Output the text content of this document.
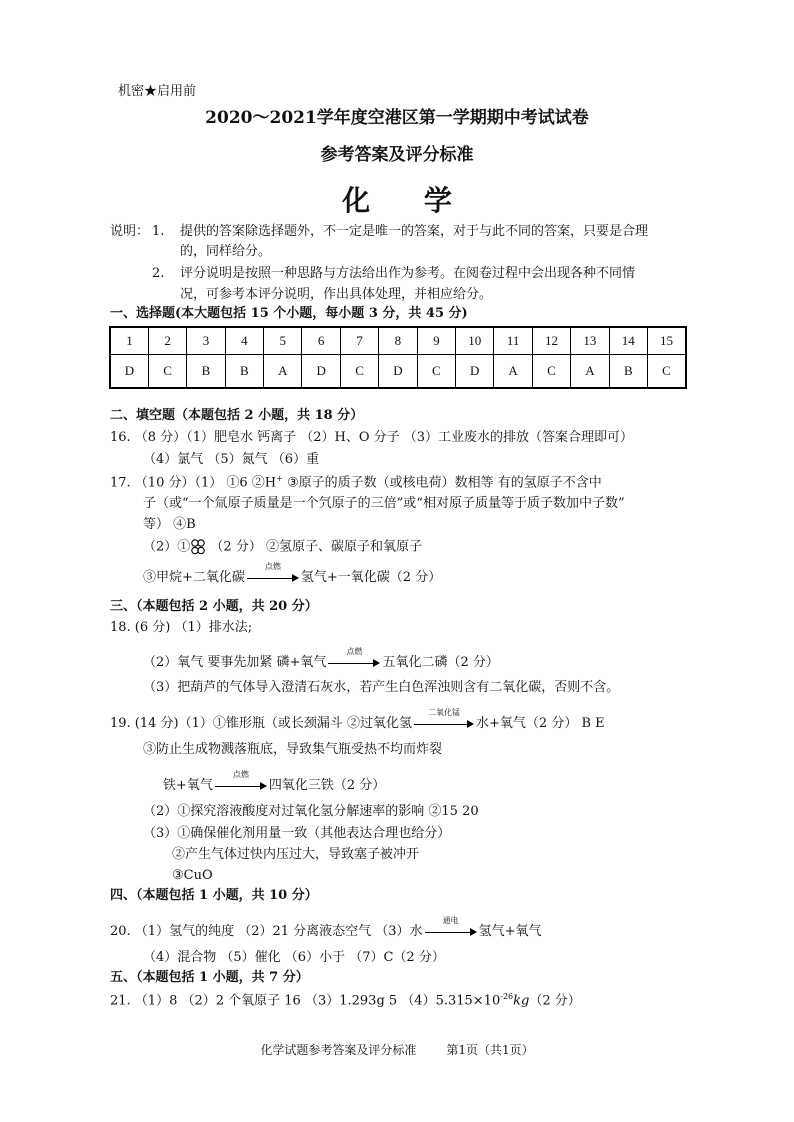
机密★启用前
2020～2021学年度空港区第一学期期中考试试卷
参考答案及评分标准
化 学
说明： 1. 提供的答案除选择题外，不一定是唯一的答案，对于与此不同的答案，只要是合理
的，同样给分。
2. 评分说明是按照一种思路与方法给出作为参考。在阅卷过程中会出现各种不同情
况，可参考本评分说明，作出具体处理，并相应给分。
一、选择题(本大题包括 15 个小题，每小题 3 分，共 45 分)
1	2	3	4	5	6	7	8	9	10	11	12	13	14	15
D	C	B	B	A	D	C	D	C	D	A	C	A	B	C
二、填空题（本题包括 2 小题，共 18 分）
16. （8 分）（1）肥皂水 钙离子 （2）H、O 分子 （3）工业废水的排放（答案合理即可）
（4）氯气 （5）氮气 （6）重
17. （10 分）（1） ①6 ②H+ ③原子的质子数（或核电荷）数相等 有的氢原子不含中
子（或“一个氚原子质量是一个氕原子的三倍”或“相对原子质量等于质子数加中子数”
等） ④B
（2）① （2 分） ②氢原子、碳原子和氧原子
③甲烷+二氧化碳
点燃
氢气+一氧化碳（2 分）
三、（本题包括 2 小题，共 20 分）
18. (6 分) （1）排水法;
（2）氧气 要事先加紧 磷+氧气
点燃
五氧化二磷（2 分）
（3）把葫芦的气体导入澄清石灰水，若产生白色浑浊则含有二氧化碳，否则不含。
19. (14 分)（1）①锥形瓶（或长颈漏斗 ②过氧化氢
二氧化锰
水+氧气（2 分） B E
③防止生成物溅落瓶底，导致集气瓶受热不均而炸裂
铁+氧气
点燃
四氧化三铁（2 分）
（2）①探究溶液酸度对过氧化氢分解速率的影响 ②15 20
（3）①确保催化剂用量一致（其他表达合理也给分）
②产生气体过快内压过大，导致塞子被冲开
③CuO
四、（本题包括 1 小题，共 10 分）
20. （1）氢气的纯度 （2）21 分离液态空气 （3）水
通电
氢气+氧气
（4）混合物 （5）催化 （6）小于 （7）C（2 分）
五、（本题包括 1 小题，共 7 分）
21. （1）8 （2）2 个氧原子 16 （3）1.293g 5 $(4)5.315\times 10^{-26}kg(2$ 分）
化学试题参考答案及评分标准	第1页（共1页）
